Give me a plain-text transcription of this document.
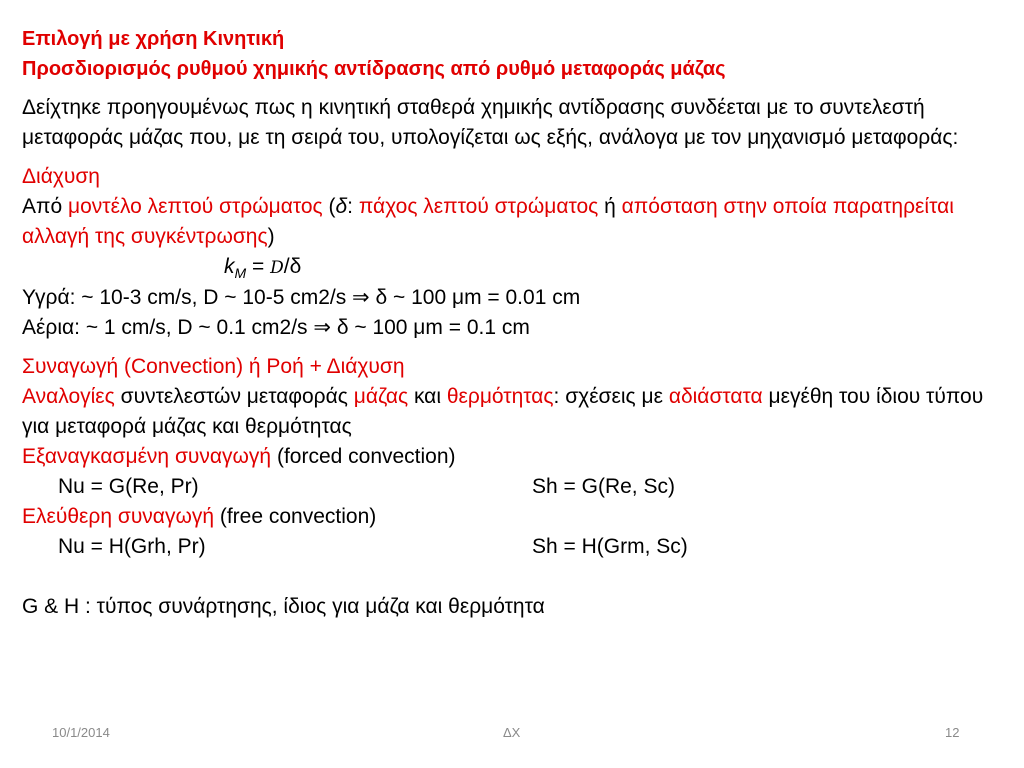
Επιλογή με χρήση Κινητική

Προσδιορισμός ρυθμού χημικής αντίδρασης από ρυθμό μεταφοράς μάζας

Δείχτηκε προηγουμένως πως η κινητική σταθερά χημικής αντίδρασης συνδέεται με το συντελεστή μεταφοράς μάζας που, με τη σειρά του, υπολογίζεται ως εξής, ανάλογα με τον μηχανισμό μεταφοράς:

Διάχυση

Από μοντέλο λεπτού στρώματος (δ: πάχος λεπτού στρώματος ή απόσταση στην οποία παρατηρείται αλλαγή της συγκέντρωσης)

$k_M = D/\delta$

Υγρά: ~ 10-3 cm/s, D ~ 10-5 cm2/s ⇒ δ ~ 100 μm = 0.01 cm

Αέρια: ~ 1 cm/s, D ~ 0.1 cm2/s ⇒ δ ~ 100 μm = 0.1 cm

Συναγωγή (Convection) ή Ροή + Διάχυση

Αναλογίες συντελεστών μεταφοράς μάζας και θερμότητας: σχέσεις με αδιάστατα μεγέθη του ίδιου τύπου για μεταφορά μάζας και θερμότητας

Εξαναγκασμένη συναγωγή (forced convection)

Nu = G(Re, Pr)	Sh = G(Re, Sc)

Ελεύθερη συναγωγή (free convection)

Nu = H(Grh, Pr)	Sh = H(Grm, Sc)

G & H : τύπος συνάρτησης, ίδιος για μάζα και θερμότητα

10/1/2014	ΔΧ	12
